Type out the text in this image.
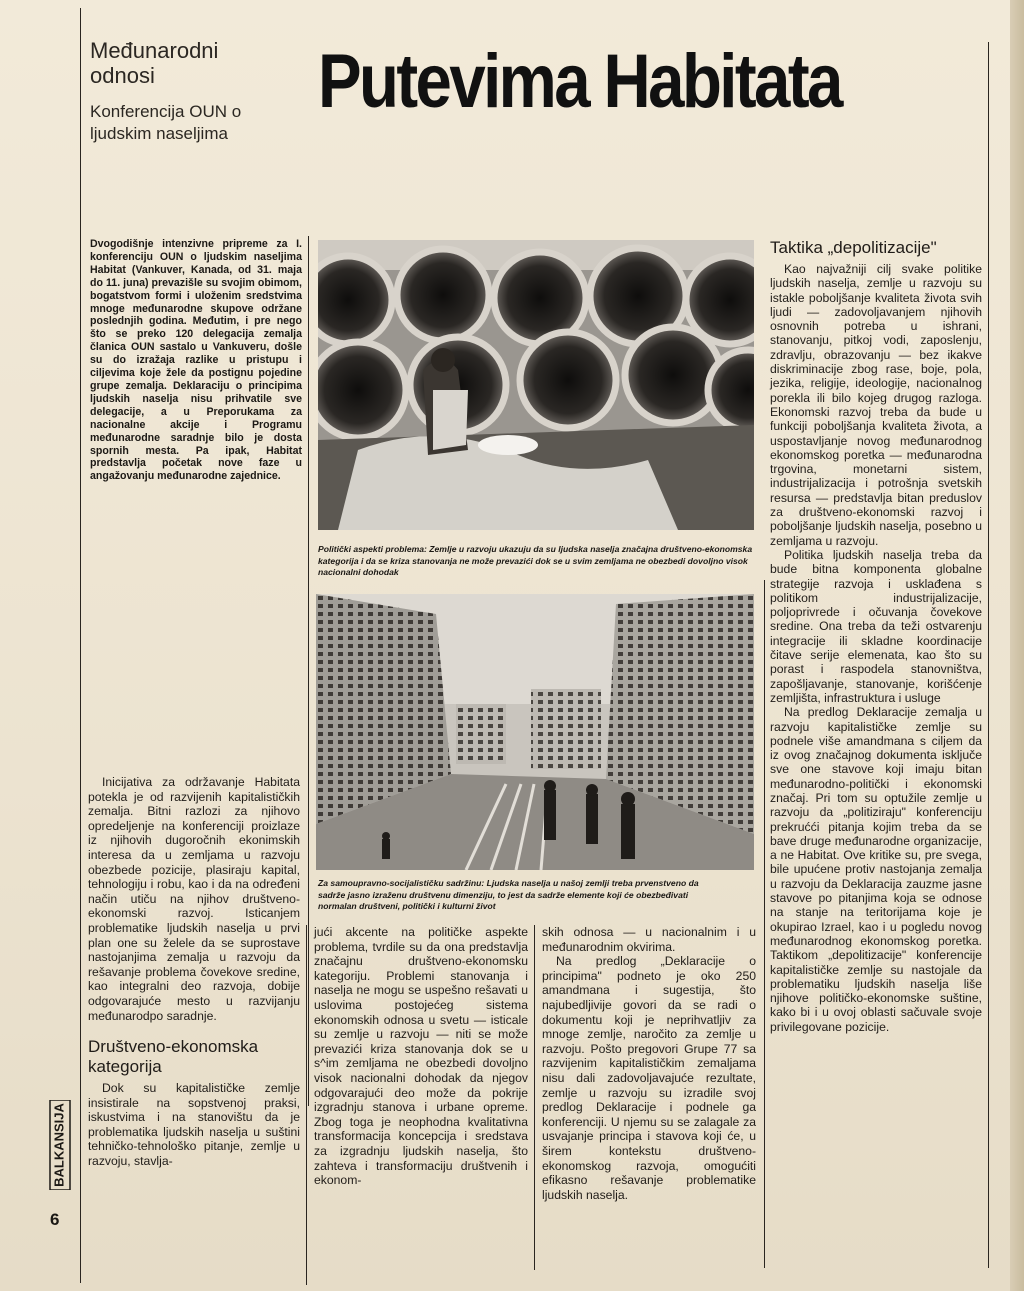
Međunarodni odnosi
Konferencija OUN o ljudskim naseljima
Putevima Habitata
Dvogodišnje intenzivne pripreme za I. konferenciju OUN o ljudskim naseljima Habitat (Vankuver, Kanada, od 31. maja do 11. juna) prevazišle su svojim obimom, bogatstvom formi i uloženim sredstvima mnoge međunarodne skupove održane poslednjih godina. Međutim, i pre nego što se preko 120 delegacija zemalja članica OUN sastalo u Vankuveru, došle su do izražaja razlike u pristupu i ciljevima koje žele da postignu pojedine grupe zemalja. Deklaraciju o principima ljudskih naselja nisu prihvatile sve delegacije, a u Preporukama za nacionalne akcije i Programu međunarodne saradnje bilo je dosta spornih mesta. Pa ipak, Habitat predstavlja početak nove faze u angažovanju međunarodne zajednice.
Politički aspekti problema: Zemlje u razvoju ukazuju da su ljudska naselja značajna društveno-ekonomska kategorija i da se kriza stanovanja ne može prevazići dok se u svim zemljama ne obezbedi dovoljno visok nacionalni dohodak
Za samoupravno-socijalističku sadržinu: Ljudska naselja u našoj zemlji treba prvenstveno da sadrže jasno izraženu društvenu dimenziju, to jest da sadrže elemente koji će obezbeđivati normalan društveni, politički i kulturni život

Inicijativa za održavanje Habitata potekla je od razvijenih kapitalističkih zemalja. Bitni razlozi za njihovo opredeljenje na konferenciji proizlaze iz njihovih dugoročnih ekonimskih interesa da u zemljama u razvoju obezbede pozicije, plasiraju kapital, tehnologiju i robu, kao i da na određeni način utiču na njihov društveno-ekonomski razvoj. Isticanjem problematike ljudskih naselja u prvi plan one su želele da se suprostave nastojanjima zemalja u razvoju da rešavanje problema čovekove sredine, kao integralni deo razvoja, dobije odgovarajuće mesto u razvijanju međunarodpo saradnje.

Društveno-ekonomska kategorija

Dok su kapitalističke zemlje insistirale na sopstvenoj praksi, iskustvima i na stanovištu da je problematika ljudskih naselja u suštini tehničko-tehnološko pitanje, zemlje u razvoju, stavlja-

jući akcente na političke aspekte problema, tvrdile su da ona predstavlja značajnu društveno-ekonomsku kategoriju. Problemi stanovanja i naselja ne mogu se uspešno rešavati u uslovima postojećeg sistema ekonomskih odnosa u svetu — isticale su zemlje u razvoju — niti se može prevazići kriza stanovanja dok se u s^im zemljama ne obezbedi dovoljno visok nacionalni dohodak da njegov odgovarajući deo može da pokrije izgradnju stanova i urbane opreme. Zbog toga je neophodna kvalitativna transformacija koncepcija i sredstava za izgradnju ljudskih naselja, što zahteva i transformaciju društvenih i ekonom-

skih odnosa — u nacionalnim i u međunarodnim okvirima.

Na predlog „Deklaracije o principima" podneto je oko 250 amandmana i sugestija, što najubedljivije govori da se radi o dokumentu koji je neprihvatljiv za mnoge zemlje, naročito za zemlje u razvoju. Pošto pregovori Grupe 77 sa razvijenim kapitalističkim zemaljama nisu dali zadovoljavajuće rezultate, zemlje u razvoju su izradile svoj predlog Deklaracije i podnele ga konferenciji. U njemu su se zalagale za usvajanje principa i stavova koji će, u širem kontekstu društveno-ekonomskog razvoja, omogućiti efikasno rešavanje problematike ljudskih naselja.

Taktika „depolitizacije"

Kao najvažniji cilj svake politike ljudskih naselja, zemlje u razvoju su istakle poboljšanje kvaliteta života svih ljudi — zadovoljavanjem njihovih osnovnih potreba u ishrani, stanovanju, pitkoj vodi, zaposlenju, zdravlju, obrazovanju — bez ikakve diskriminacije zbog rase, boje, pola, jezika, religije, ideologije, nacionalnog porekla ili bilo kojeg drugog razloga. Ekonomski razvoj treba da bude u funkciji poboljšanja kvaliteta života, a uspostavljanje novog međunarodnog ekonomskog poretka — međunarodna trgovina, monetarni sistem, industrijalizacija i potrošnja svetskih resursa — predstavlja bitan preduslov za društveno-ekonomski razvoj i poboljšanje ljudskih naselja, posebno u zemljama u razvoju.

Politika ljudskih naselja treba da bude bitna komponenta globalne strategije razvoja i usklađena s politikom industrijalizacije, poljoprivrede i očuvanja čovekove sredine. Ona treba da teži ostvarenju integracije ili skladne koordinacije čitave serije elemenata, kao što su porast i raspodela stanovništva, zapošljavanje, stanovanje, korišćenje zemljišta, infrastruktura i usluge

Na predlog Deklaracije zemalja u razvoju kapitalističke zemlje su podnele više amandmana s ciljem da iz ovog značajnog dokumenta isključe sve one stavove koji imaju bitan međunarodno-politički i ekonomski značaj. Pri tom su optužile zemlje u razvoju da „politiziraju" konferenciju prekrućći pitanja kojim treba da se bave druge međunarodne organizacije, a ne Habitat. Ove kritike su, pre svega, bile upućene protiv nastojanja zemalja u razvoju da Deklaracija zauzme jasne stavove po pitanjima koja se odnose na stanje na teritorijama koje je okupirao Izrael, kao i u pogledu novog međunarodnog ekonomskog poretka. Taktikom „depolitizacije" konferencije kapitalističke zemlje su nastojale da problematiku ljudskih naselja liše njihove političko-ekonomske suštine, kako bi i u ovoj oblasti sačuvale svoje privilegovane pozicije.

BALKANSIJA
6
